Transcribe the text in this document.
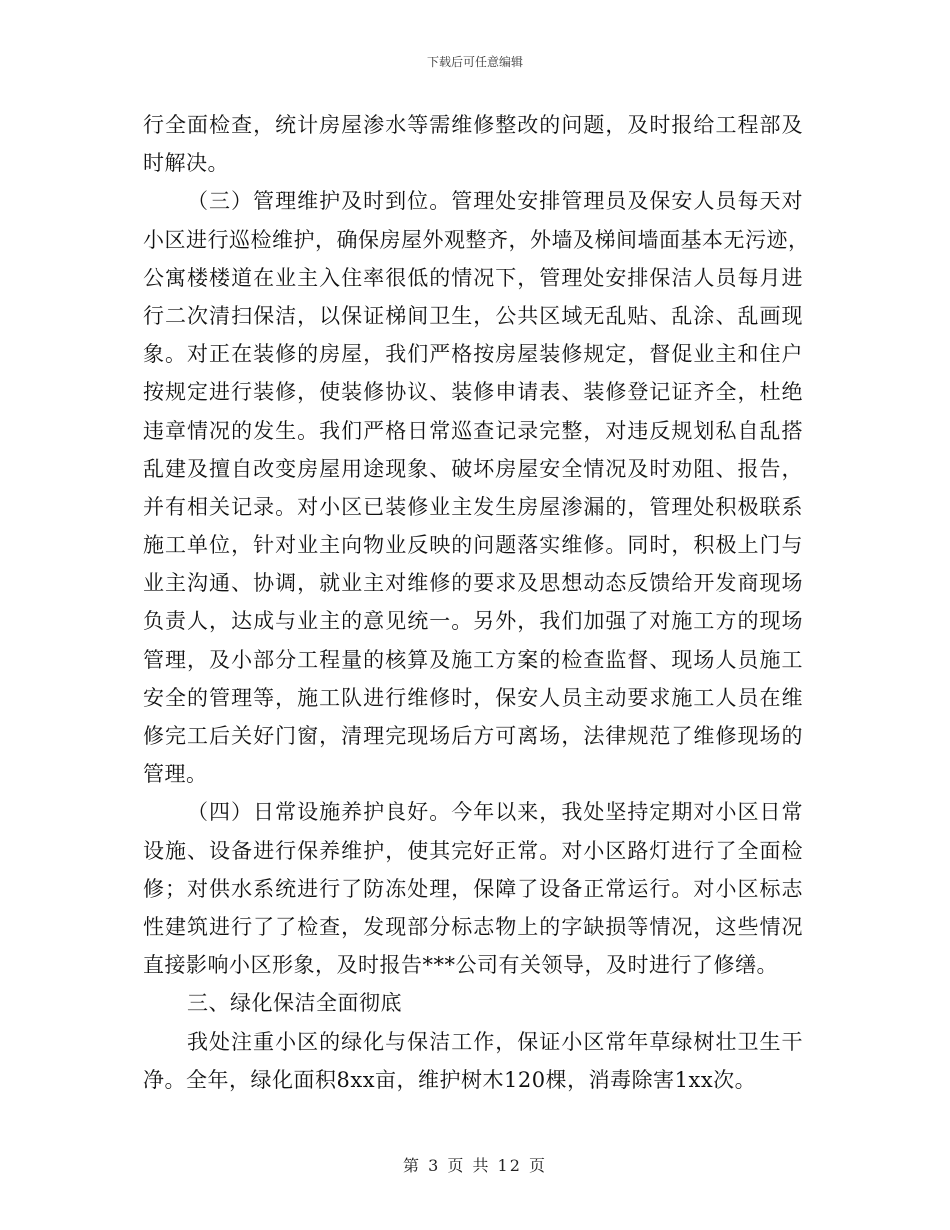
下载后可任意编辑
行全面检查，统计房屋渗水等需维修整改的问题，及时报给工程部及
时解决。
（三）管理维护及时到位。管理处安排管理员及保安人员每天对
小区进行巡检维护，确保房屋外观整齐，外墙及梯间墙面基本无污迹，
公寓楼楼道在业主入住率很低的情况下，管理处安排保洁人员每月进
行二次清扫保洁，以保证梯间卫生，公共区域无乱贴、乱涂、乱画现
象。对正在装修的房屋，我们严格按房屋装修规定，督促业主和住户
按规定进行装修，使装修协议、装修申请表、装修登记证齐全，杜绝
违章情况的发生。我们严格日常巡查记录完整，对违反规划私自乱搭
乱建及擅自改变房屋用途现象、破坏房屋安全情况及时劝阻、报告，
并有相关记录。对小区已装修业主发生房屋渗漏的，管理处积极联系
施工单位，针对业主向物业反映的问题落实维修。同时，积极上门与
业主沟通、协调，就业主对维修的要求及思想动态反馈给开发商现场
负责人，达成与业主的意见统一。另外，我们加强了对施工方的现场
管理，及小部分工程量的核算及施工方案的检查监督、现场人员施工
安全的管理等，施工队进行维修时，保安人员主动要求施工人员在维
修完工后关好门窗，清理完现场后方可离场，法律规范了维修现场的
管理。
（四）日常设施养护良好。今年以来，我处坚持定期对小区日常
设施、设备进行保养维护，使其完好正常。对小区路灯进行了全面检
修；对供水系统进行了防冻处理，保障了设备正常运行。对小区标志
性建筑进行了了检查，发现部分标志物上的字缺损等情况，这些情况
直接影响小区形象，及时报告***公司有关领导，及时进行了修缮。
三、绿化保洁全面彻底
我处注重小区的绿化与保洁工作，保证小区常年草绿树壮卫生干
净。全年，绿化面积8xx亩，维护树木120棵，消毒除害1xx次。
第 3 页 共 12 页
